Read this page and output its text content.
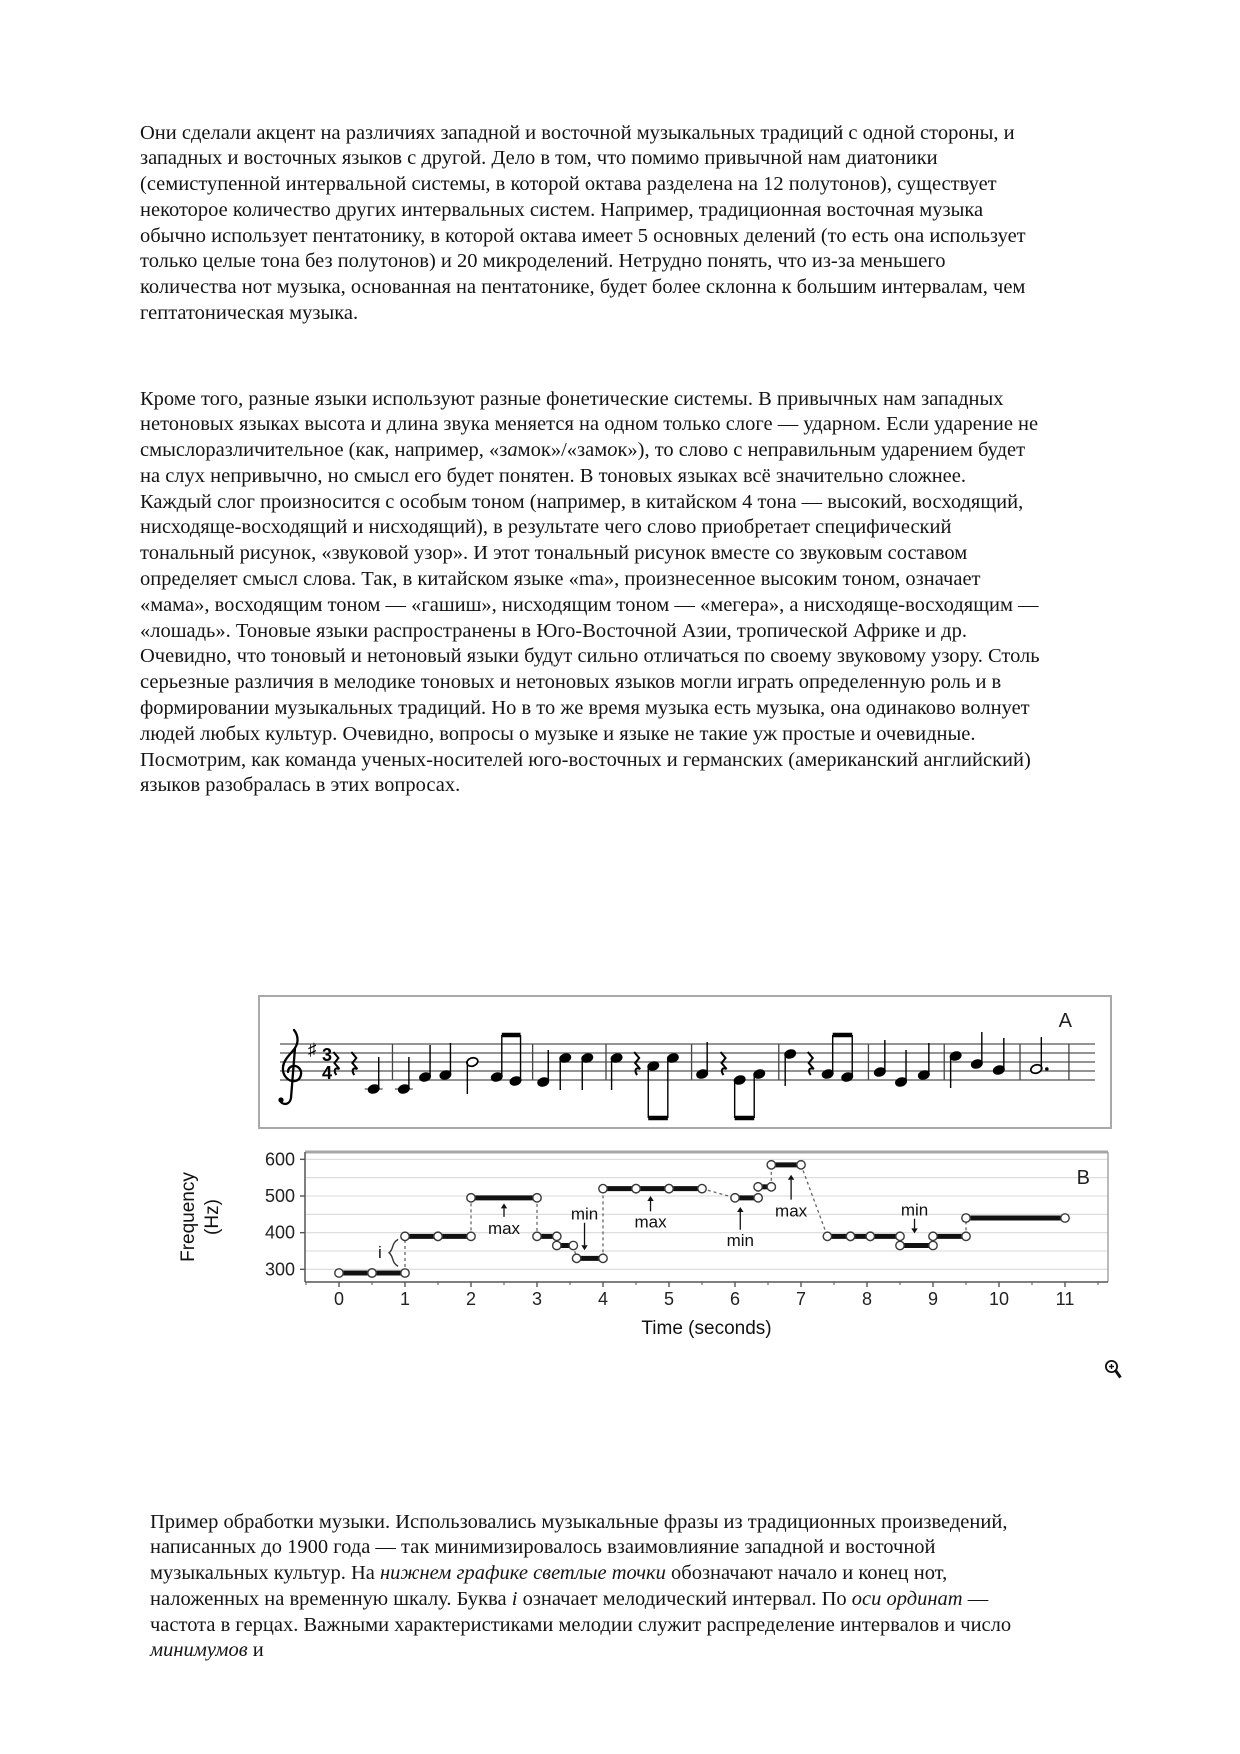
Они сделали акцент на различиях западной и восточной музыкальных традиций с одной стороны, и западных и восточных языков с другой. Дело в том, что помимо привычной нам диатоники (семиступенной интервальной системы, в которой октава разделена на 12 полутонов), существует некоторое количество других интервальных систем. Например, традиционная восточная музыка обычно использует пентатонику, в которой октава имеет 5 основных делений (то есть она использует только целые тона без полутонов) и 20 микроделений. Нетрудно понять, что из-за меньшего количества нот музыка, основанная на пентатонике, будет более склонна к большим интервалам, чем гептатоническая музыка.

Кроме того, разные языки используют разные фонетические системы. В привычных нам западных нетоновых языках высота и длина звука меняется на одном только слоге — ударном. Если ударение не смыслоразличительное (как, например, «замок»/«замок»), то слово с неправильным ударением будет на слух непривычно, но смысл его будет понятен. В тоновых языках всё значительно сложнее. Каждый слог произносится с особым тоном (например, в китайском 4 тона — высокий, восходящий, нисходяще-восходящий и нисходящий), в результате чего слово приобретает специфический тональный рисунок, «звуковой узор». И этот тональный рисунок вместе со звуковым составом определяет смысл слова. Так, в китайском языке «ma», произнесенное высоким тоном, означает «мама», восходящим тоном — «гашиш», нисходящим тоном — «мегера», а нисходяще-восходящим — «лошадь». Тоновые языки распространены в Юго-Восточной Азии, тропической Африке и др. Очевидно, что тоновый и нетоновый языки будут сильно отличаться по своему звуковому узору. Столь серьезные различия в мелодике тоновых и нетоновых языков могли играть определенную роль и в формировании музыкальных традиций. Но в то же время музыка есть музыка, она одинаково волнует людей любых культур. Очевидно, вопросы о музыке и языке не такие уж простые и очевидные. Посмотрим, как команда ученых-носителей юго-восточных и германских (американский английский) языков разобралась в этих вопросах.

♯ 3
4
A
300
400
500
600
0	1	2	3	4	5	6	7	8	9	10	11
Time (seconds)
Frequency (Hz)
B
i
max
min max
min
max	min

Пример обработки музыки. Использовались музыкальные фразы из традиционных произведений, написанных до 1900 года — так минимизировалось взаимовлияние западной и восточной музыкальных культур. На нижнем графике светлые точки обозначают начало и конец нот, наложенных на временную шкалу. Буква i означает мелодический интервал. По оси ординат — частота в герцах. Важными характеристиками мелодии служит распределение интервалов и число минимумов и
